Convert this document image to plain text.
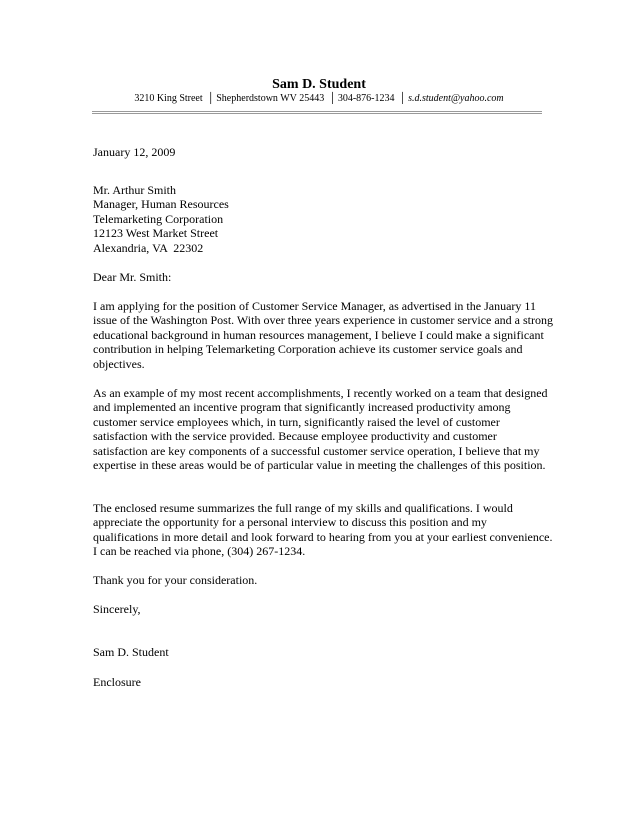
Sam D. Student
3210 King Street │ Shepherdstown WV 25443 │ 304-876-1234 │ s.d.student@yahoo.com
January 12, 2009

Mr. Arthur Smith

Manager, Human Resources

Telemarketing Corporation

12123 West Market Street

Alexandria, VA  22302

Dear Mr. Smith:
I am applying for the position of Customer Service Manager, as advertised in the January 11 issue of the Washington Post. With over three years experience in customer service and a strong educational background in human resources management, I believe I could make a significant contribution in helping Telemarketing Corporation achieve its customer service goals and objectives.
As an example of my most recent accomplishments, I recently worked on a team that designed and implemented an incentive program that significantly increased productivity among customer service employees which, in turn, significantly raised the level of customer satisfaction with the service provided. Because employee productivity and customer satisfaction are key components of a successful customer service operation, I believe that my expertise in these areas would be of particular value in meeting the challenges of this position.
The enclosed resume summarizes the full range of my skills and qualifications. I would appreciate the opportunity for a personal interview to discuss this position and my qualifications in more detail and look forward to hearing from you at your earliest convenience. I can be reached via phone, (304) 267-1234.
Thank you for your consideration.
Sincerely,
Sam D. Student
Enclosure
